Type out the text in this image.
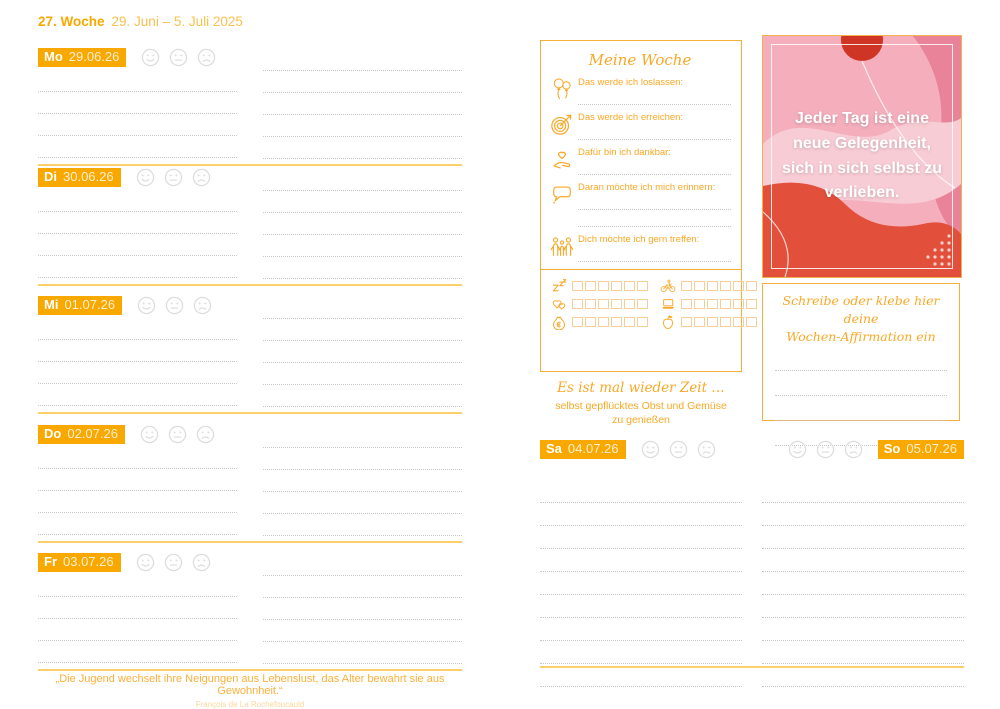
27. Woche 29. Juni – 5. Juli 2025
Mo 29.06.26
Di 30.06.26
Mi 01.07.26
Do 02.07.26
Fr 03.07.26
„Die Jugend wechselt ihre Neigungen aus Lebenslust, das Alter bewahrt sie aus Gewohnheit.“
François de La Rochefoucauld
Meine Woche
Das werde ich loslassen:
Das werde ich erreichen:
Dafür bin ich dankbar:
Daran möchte ich mich erinnern:
Dich möchte ich gern treffen:
Es ist mal wieder Zeit …
selbst gepflücktes Obst und Gemüse
zu genießen
Jeder Tag ist eine
neue Gelegenheit,
sich in sich selbst zu
verlieben.
Schreibe oder klebe hier deine
Wochen-Affirmation ein
Sa 04.07.26	So 05.07.26
